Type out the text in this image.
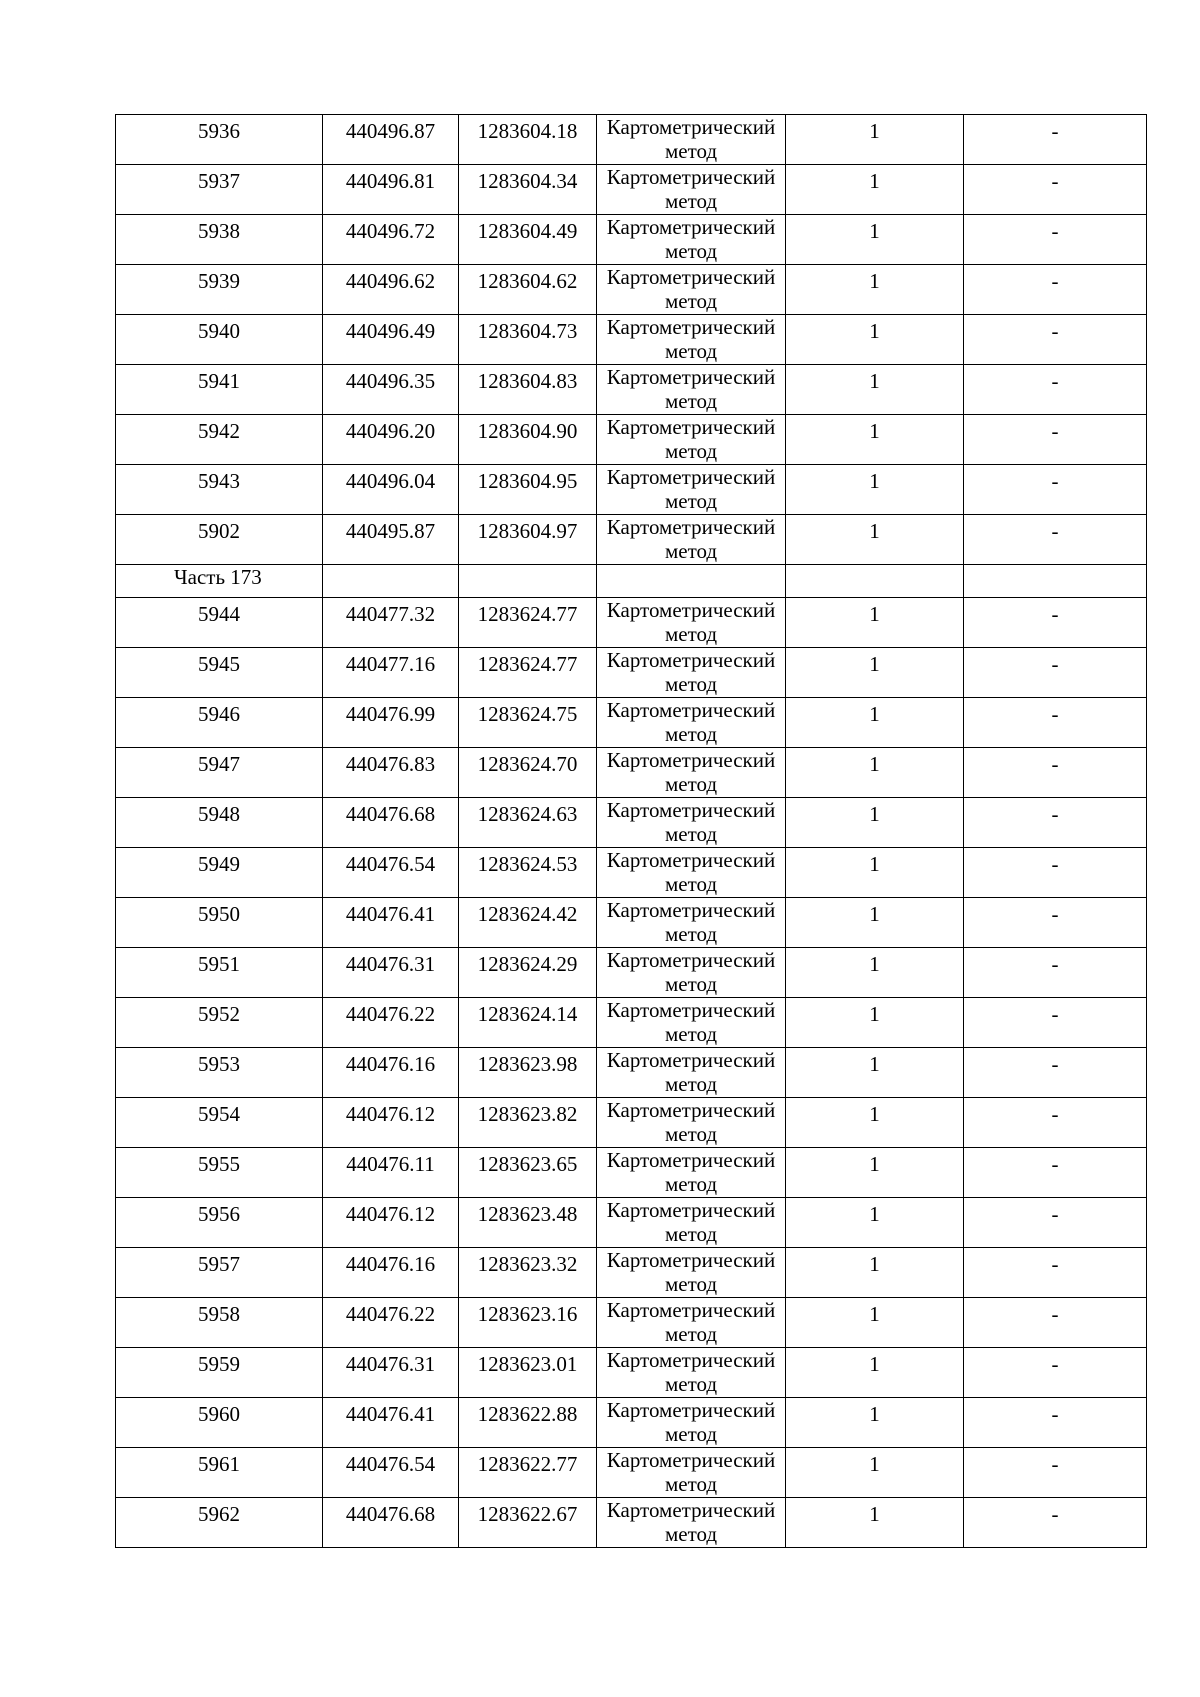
5936	440496.87	1283604.18	Картометрический метод	1	-
5937	440496.81	1283604.34	Картометрический метод	1	-
5938	440496.72	1283604.49	Картометрический метод	1	-
5939	440496.62	1283604.62	Картометрический метод	1	-
5940	440496.49	1283604.73	Картометрический метод	1	-
5941	440496.35	1283604.83	Картометрический метод	1	-
5942	440496.20	1283604.90	Картометрический метод	1	-
5943	440496.04	1283604.95	Картометрический метод	1	-
5902	440495.87	1283604.97	Картометрический метод	1	-
Часть 173					
5944	440477.32	1283624.77	Картометрический метод	1	-
5945	440477.16	1283624.77	Картометрический метод	1	-
5946	440476.99	1283624.75	Картометрический метод	1	-
5947	440476.83	1283624.70	Картометрический метод	1	-
5948	440476.68	1283624.63	Картометрический метод	1	-
5949	440476.54	1283624.53	Картометрический метод	1	-
5950	440476.41	1283624.42	Картометрический метод	1	-
5951	440476.31	1283624.29	Картометрический метод	1	-
5952	440476.22	1283624.14	Картометрический метод	1	-
5953	440476.16	1283623.98	Картометрический метод	1	-
5954	440476.12	1283623.82	Картометрический метод	1	-
5955	440476.11	1283623.65	Картометрический метод	1	-
5956	440476.12	1283623.48	Картометрический метод	1	-
5957	440476.16	1283623.32	Картометрический метод	1	-
5958	440476.22	1283623.16	Картометрический метод	1	-
5959	440476.31	1283623.01	Картометрический метод	1	-
5960	440476.41	1283622.88	Картометрический метод	1	-
5961	440476.54	1283622.77	Картометрический метод	1	-
5962	440476.68	1283622.67	Картометрический метод	1	-
